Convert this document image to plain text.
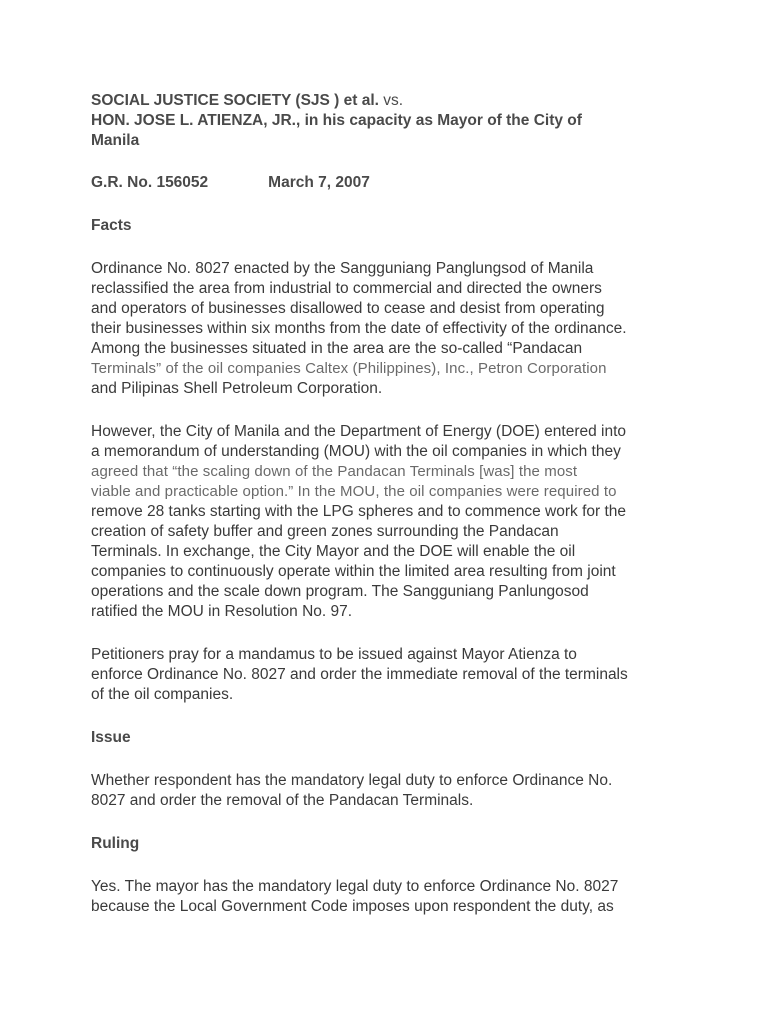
SOCIAL JUSTICE SOCIETY (SJS ) et al. vs.
HON. JOSE L. ATIENZA, JR., in his capacity as Mayor of the City of
Manila
G.R. No. 156052	March 7, 2007
Facts
Ordinance No. 8027 enacted by the Sangguniang Panglungsod of Manila
reclassified the area from industrial to commercial and directed the owners
and operators of businesses disallowed to cease and desist from operating
their businesses within six months from the date of effectivity of the ordinance.
Among the businesses situated in the area are the so-called “Pandacan
Terminals” of the oil companies Caltex (Philippines), Inc., Petron Corporation
and Pilipinas Shell Petroleum Corporation.
However, the City of Manila and the Department of Energy (DOE) entered into
a memorandum of understanding (MOU) with the oil companies in which they
agreed that “the scaling down of the Pandacan Terminals [was] the most
viable and practicable option.” In the MOU, the oil companies were required to
remove 28 tanks starting with the LPG spheres and to commence work for the
creation of safety buffer and green zones surrounding the Pandacan
Terminals. In exchange, the City Mayor and the DOE will enable the oil
companies to continuously operate within the limited area resulting from joint
operations and the scale down program. The Sangguniang Panlungosod
ratified the MOU in Resolution No. 97.
Petitioners pray for a mandamus to be issued against Mayor Atienza to
enforce Ordinance No. 8027 and order the immediate removal of the terminals
of the oil companies.
Issue
Whether respondent has the mandatory legal duty to enforce Ordinance No.
8027 and order the removal of the Pandacan Terminals.
Ruling
Yes. The mayor has the mandatory legal duty to enforce Ordinance No. 8027
because the Local Government Code imposes upon respondent the duty, as
